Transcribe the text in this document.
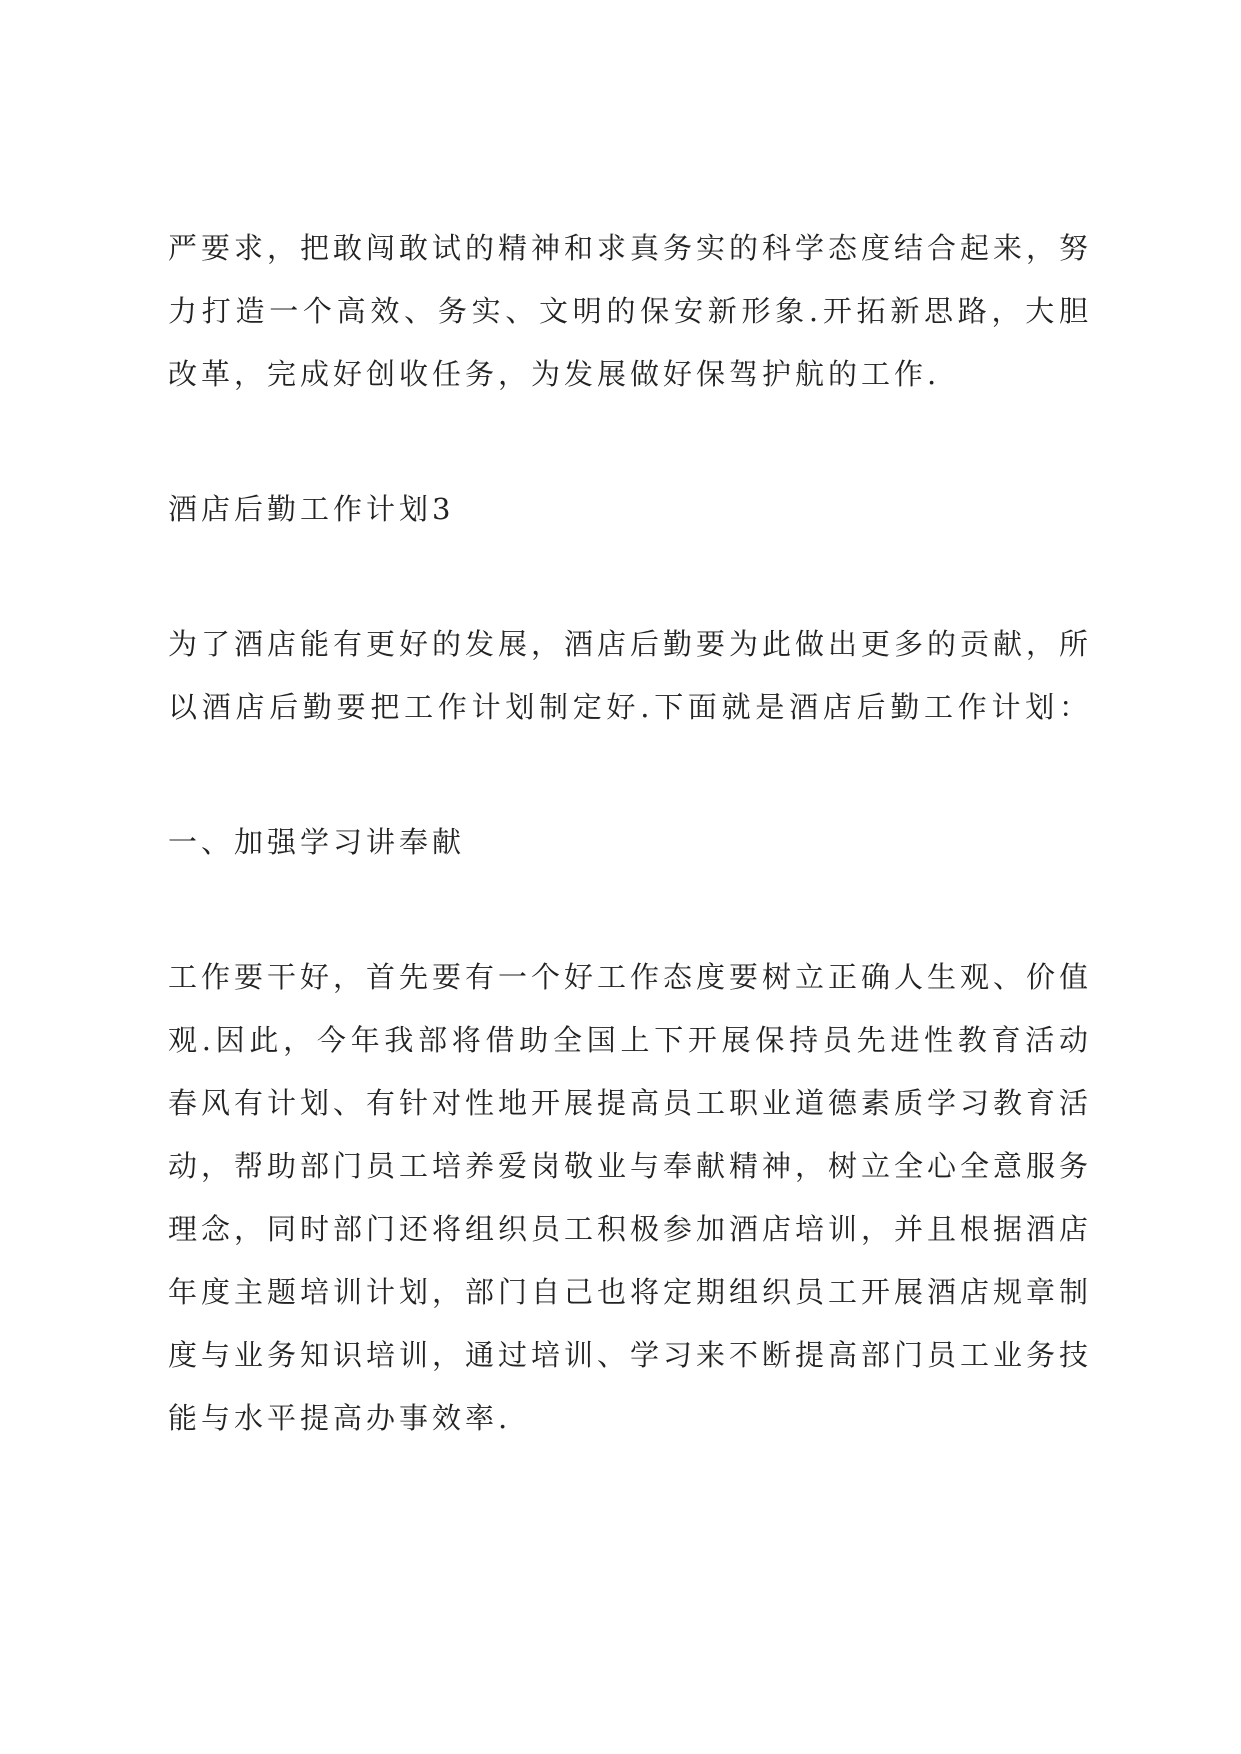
严要求，把敢闯敢试的精神和求真务实的科学态度结合起来，努
力打造一个高效、务实、文明的保安新形象.开拓新思路，大胆
改革，完成好创收任务，为发展做好保驾护航的工作.
酒店后勤工作计划3
为了酒店能有更好的发展，酒店后勤要为此做出更多的贡献，所
以酒店后勤要把工作计划制定好.下面就是酒店后勤工作计划：
一、加强学习讲奉献
工作要干好，首先要有一个好工作态度要树立正确人生观、价值
观.因此，今年我部将借助全国上下开展保持员先进性教育活动
春风有计划、有针对性地开展提高员工职业道德素质学习教育活
动，帮助部门员工培养爱岗敬业与奉献精神，树立全心全意服务
理念，同时部门还将组织员工积极参加酒店培训，并且根据酒店
年度主题培训计划，部门自己也将定期组织员工开展酒店规章制
度与业务知识培训，通过培训、学习来不断提高部门员工业务技
能与水平提高办事效率.
